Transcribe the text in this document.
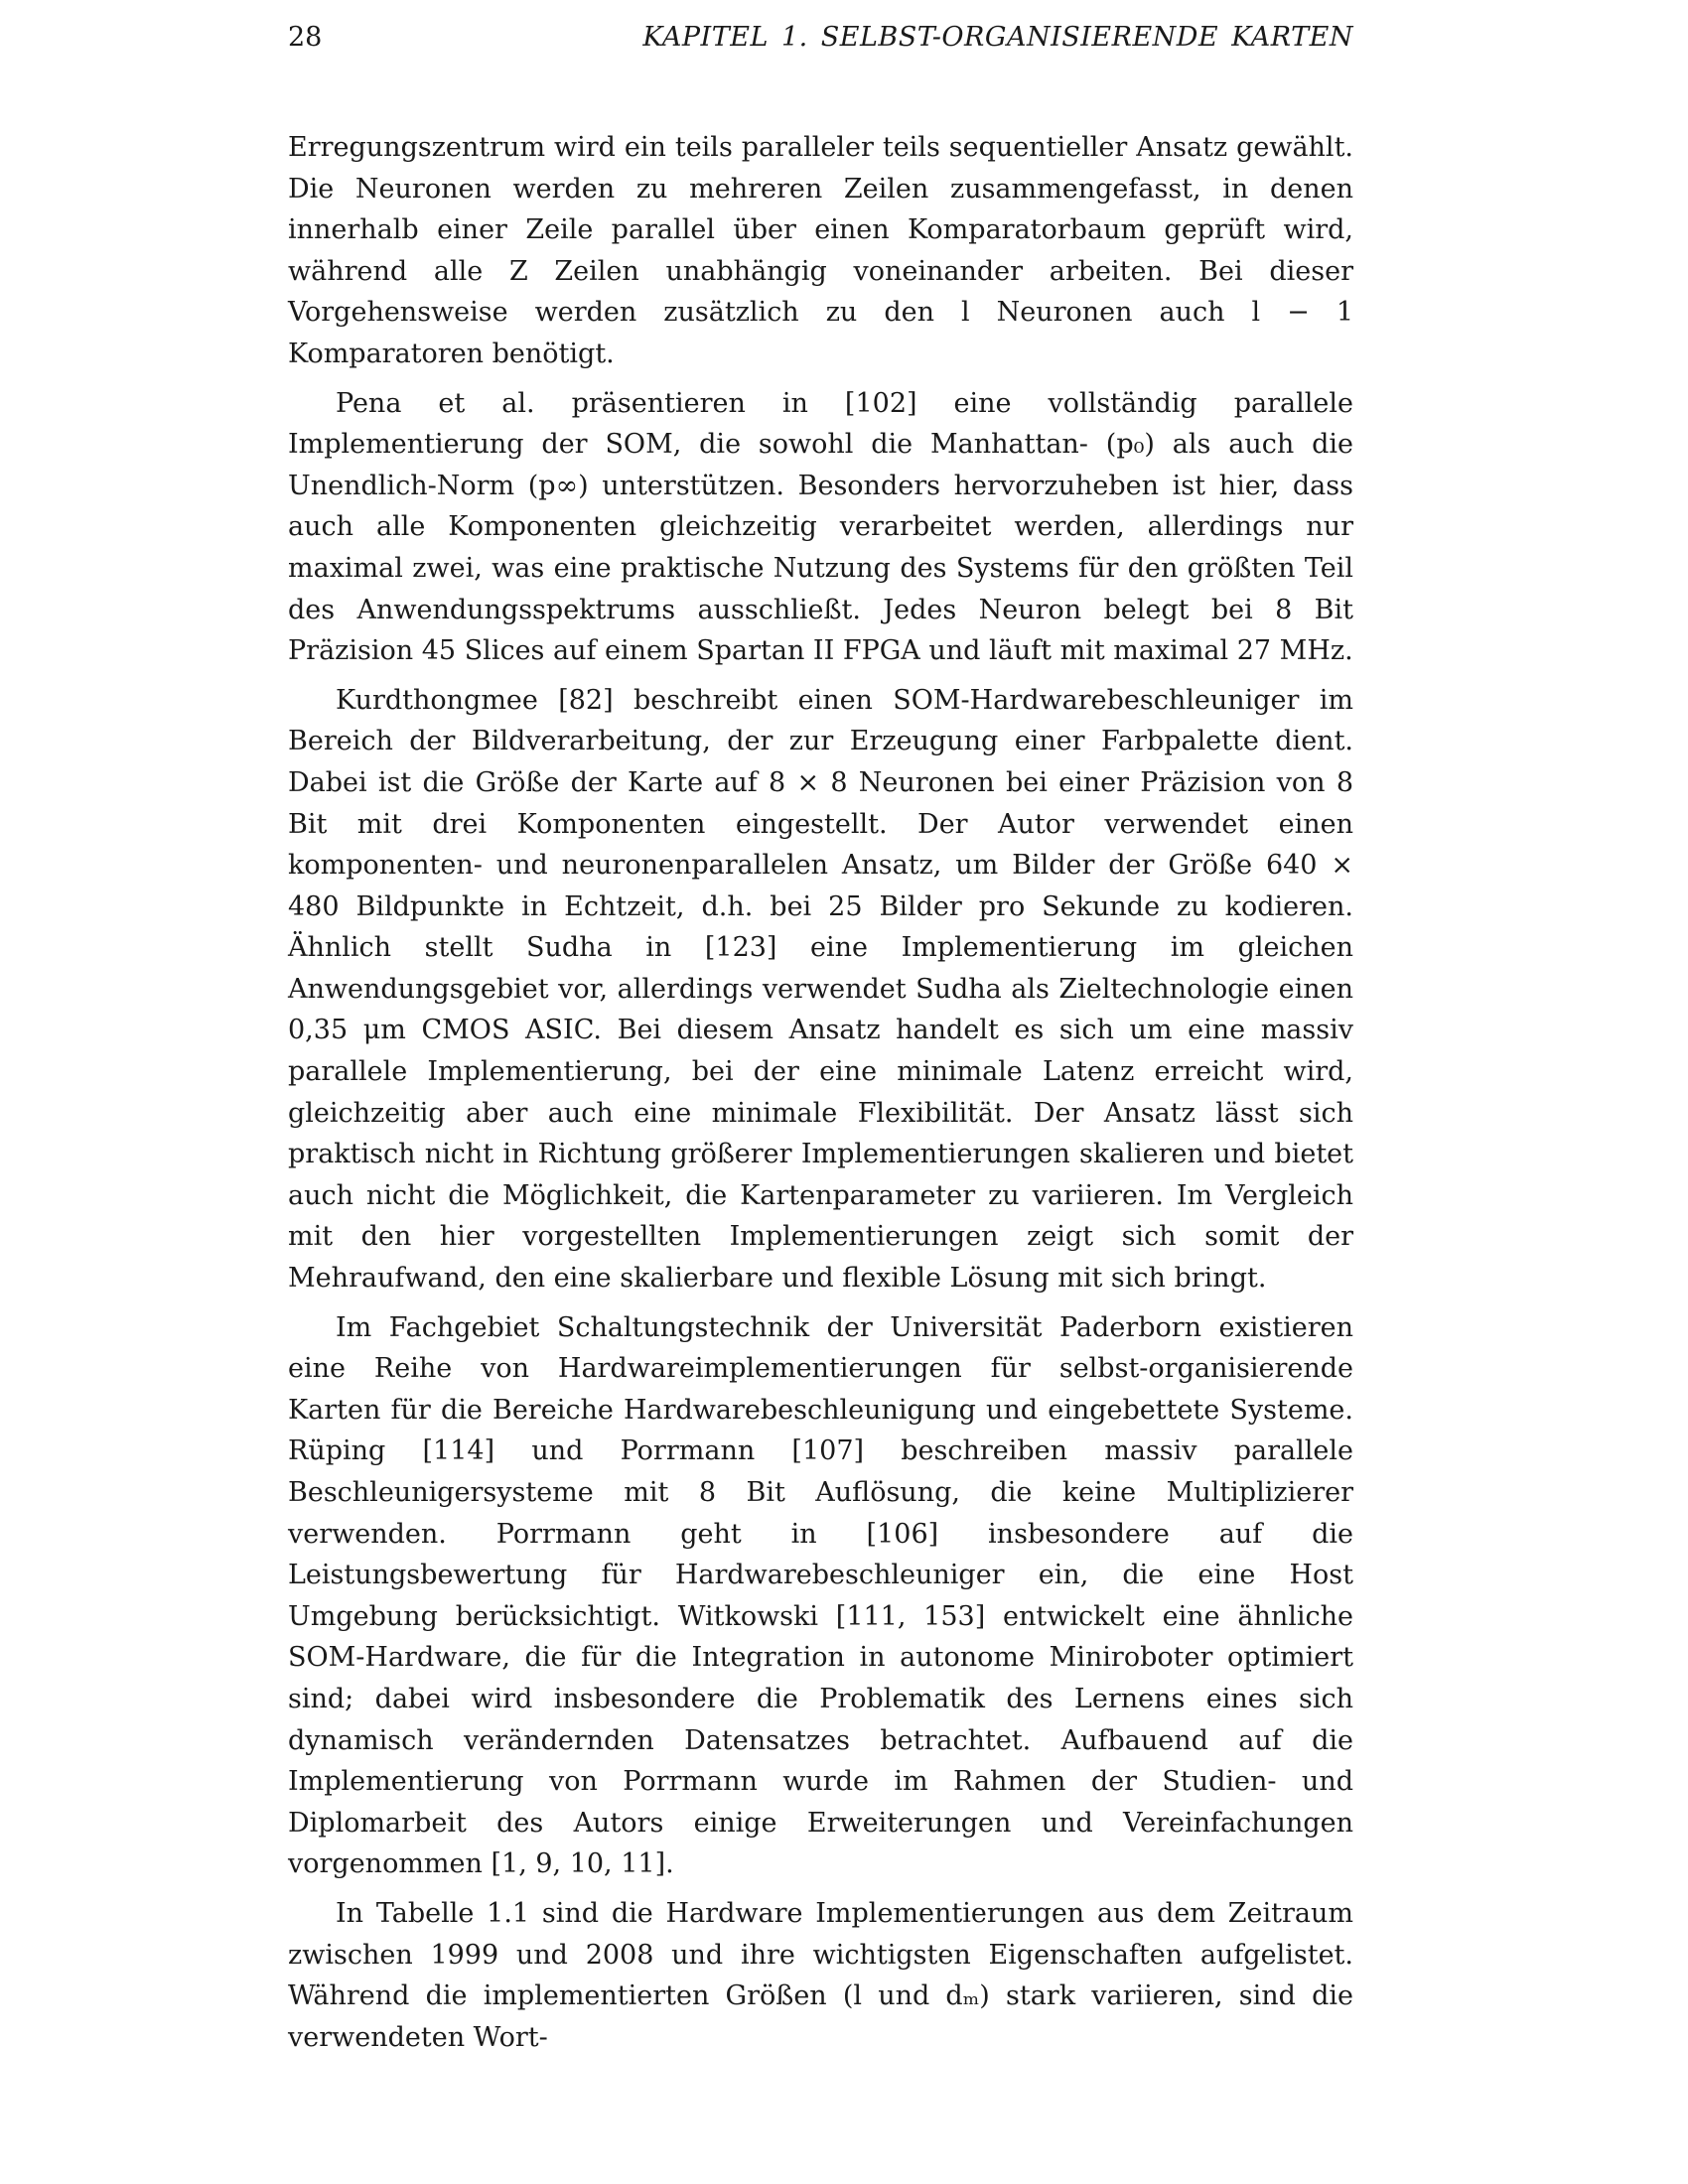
28	KAPITEL 1. SELBST-ORGANISIERENDE KARTEN

Erregungszentrum wird ein teils paralleler teils sequentieller Ansatz gewählt. Die Neuronen werden zu mehreren Zeilen zusammengefasst, in denen innerhalb einer Zeile parallel über einen Komparatorbaum geprüft wird, während alle Z Zeilen unabhängig voneinander arbeiten. Bei dieser Vorgehensweise werden zusätzlich zu den l Neuronen auch l − 1 Komparatoren benötigt.

Pena et al. präsentieren in [102] eine vollständig parallele Implementierung der SOM, die sowohl die Manhattan- (p₀) als auch die Unendlich-Norm (p∞) unterstützen. Besonders hervorzuheben ist hier, dass auch alle Komponenten gleichzeitig verarbeitet werden, allerdings nur maximal zwei, was eine praktische Nutzung des Systems für den größten Teil des Anwendungsspektrums ausschließt. Jedes Neuron belegt bei 8 Bit Präzision 45 Slices auf einem Spartan II FPGA und läuft mit maximal 27 MHz.

Kurdthongmee [82] beschreibt einen SOM-Hardwarebeschleuniger im Bereich der Bildverarbeitung, der zur Erzeugung einer Farbpalette dient. Dabei ist die Größe der Karte auf 8 × 8 Neuronen bei einer Präzision von 8 Bit mit drei Komponenten eingestellt. Der Autor verwendet einen komponenten- und neuronenparallelen Ansatz, um Bilder der Größe 640 × 480 Bildpunkte in Echtzeit, d.h. bei 25 Bilder pro Sekunde zu kodieren. Ähnlich stellt Sudha in [123] eine Implementierung im gleichen Anwendungsgebiet vor, allerdings verwendet Sudha als Zieltechnologie einen 0,35 μm CMOS ASIC. Bei diesem Ansatz handelt es sich um eine massiv parallele Implementierung, bei der eine minimale Latenz erreicht wird, gleichzeitig aber auch eine minimale Flexibilität. Der Ansatz lässt sich praktisch nicht in Richtung größerer Implementierungen skalieren und bietet auch nicht die Möglichkeit, die Kartenparameter zu variieren. Im Vergleich mit den hier vorgestellten Implementierungen zeigt sich somit der Mehraufwand, den eine skalierbare und flexible Lösung mit sich bringt.

Im Fachgebiet Schaltungstechnik der Universität Paderborn existieren eine Reihe von Hardwareimplementierungen für selbst-organisierende Karten für die Bereiche Hardwarebeschleunigung und eingebettete Systeme. Rüping [114] und Porrmann [107] beschreiben massiv parallele Beschleunigersysteme mit 8 Bit Auflösung, die keine Multiplizierer verwenden. Porrmann geht in [106] insbesondere auf die Leistungsbewertung für Hardwarebeschleuniger ein, die eine Host Umgebung berücksichtigt. Witkowski [111, 153] entwickelt eine ähnliche SOM-Hardware, die für die Integration in autonome Miniroboter optimiert sind; dabei wird insbesondere die Problematik des Lernens eines sich dynamisch verändernden Datensatzes betrachtet. Aufbauend auf die Implementierung von Porrmann wurde im Rahmen der Studien- und Diplomarbeit des Autors einige Erweiterungen und Vereinfachungen vorgenommen [1, 9, 10, 11].

In Tabelle 1.1 sind die Hardware Implementierungen aus dem Zeitraum zwischen 1999 und 2008 und ihre wichtigsten Eigenschaften aufgelistet. Während die implementierten Größen (l und dₘ) stark variieren, sind die verwendeten Wort-
